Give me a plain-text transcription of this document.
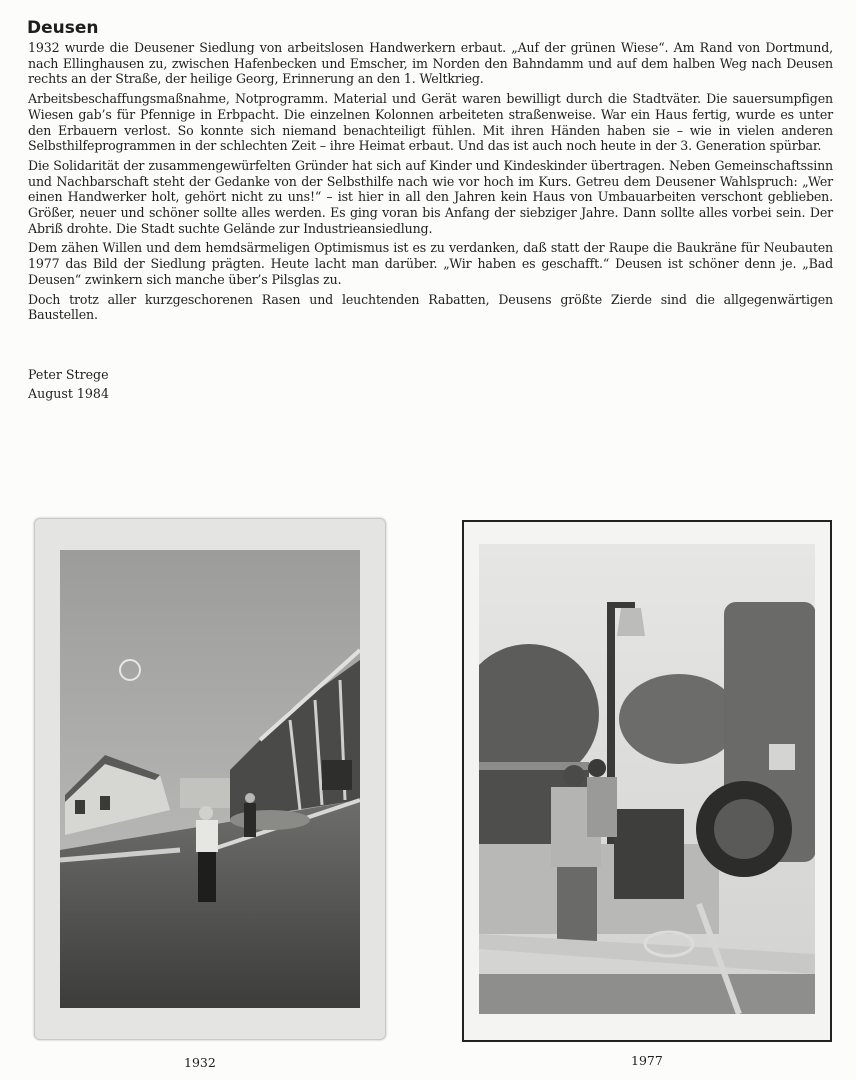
Deusen

1932 wurde die Deusener Siedlung von arbeitslosen Handwerkern erbaut. „Auf der grünen Wiese“. Am Rand von Dortmund, nach Ellinghausen zu, zwischen Hafenbecken und Emscher, im Norden den Bahndamm und auf dem halben Weg nach Deusen rechts an der Straße, der heilige Georg, Erinnerung an den 1. Weltkrieg.

Arbeitsbeschaffungsmaßnahme, Notprogramm. Material und Gerät waren bewilligt durch die Stadtväter. Die sauersumpfigen Wiesen gab’s für Pfennige in Erbpacht. Die einzelnen Kolonnen arbeiteten straßenweise. War ein Haus fertig, wurde es unter den Erbauern verlost. So konnte sich niemand benachteiligt fühlen. Mit ihren Händen haben sie – wie in vielen anderen Selbsthilfeprogrammen in der schlechten Zeit – ihre Heimat erbaut. Und das ist auch noch heute in der 3. Generation spürbar.

Die Solidarität der zusammengewürfelten Gründer hat sich auf Kinder und Kindeskinder übertragen. Neben Gemeinschaftssinn und Nachbarschaft steht der Gedanke von der Selbsthilfe nach wie vor hoch im Kurs. Getreu dem Deusener Wahlspruch: „Wer einen Handwerker holt, gehört nicht zu uns!“ – ist hier in all den Jahren kein Haus von Umbauarbeiten verschont geblieben. Größer, neuer und schöner sollte alles werden. Es ging voran bis Anfang der siebziger Jahre. Dann sollte alles vorbei sein. Der Abriß drohte. Die Stadt suchte Gelände zur Industrieansiedlung.

Dem zähen Willen und dem hemdsärmeligen Optimismus ist es zu verdanken, daß statt der Raupe die Baukräne für Neubauten 1977 das Bild der Siedlung prägten. Heute lacht man darüber. „Wir haben es geschafft.“ Deusen ist schöner denn je. „Bad Deusen“ zwinkern sich manche über’s Pilsglas zu.

Doch trotz aller kurzgeschorenen Rasen und leuchtenden Rabatten, Deusens größte Zierde sind die allgegenwärtigen Baustellen.

Peter Strege
August 1984
1932	1977
